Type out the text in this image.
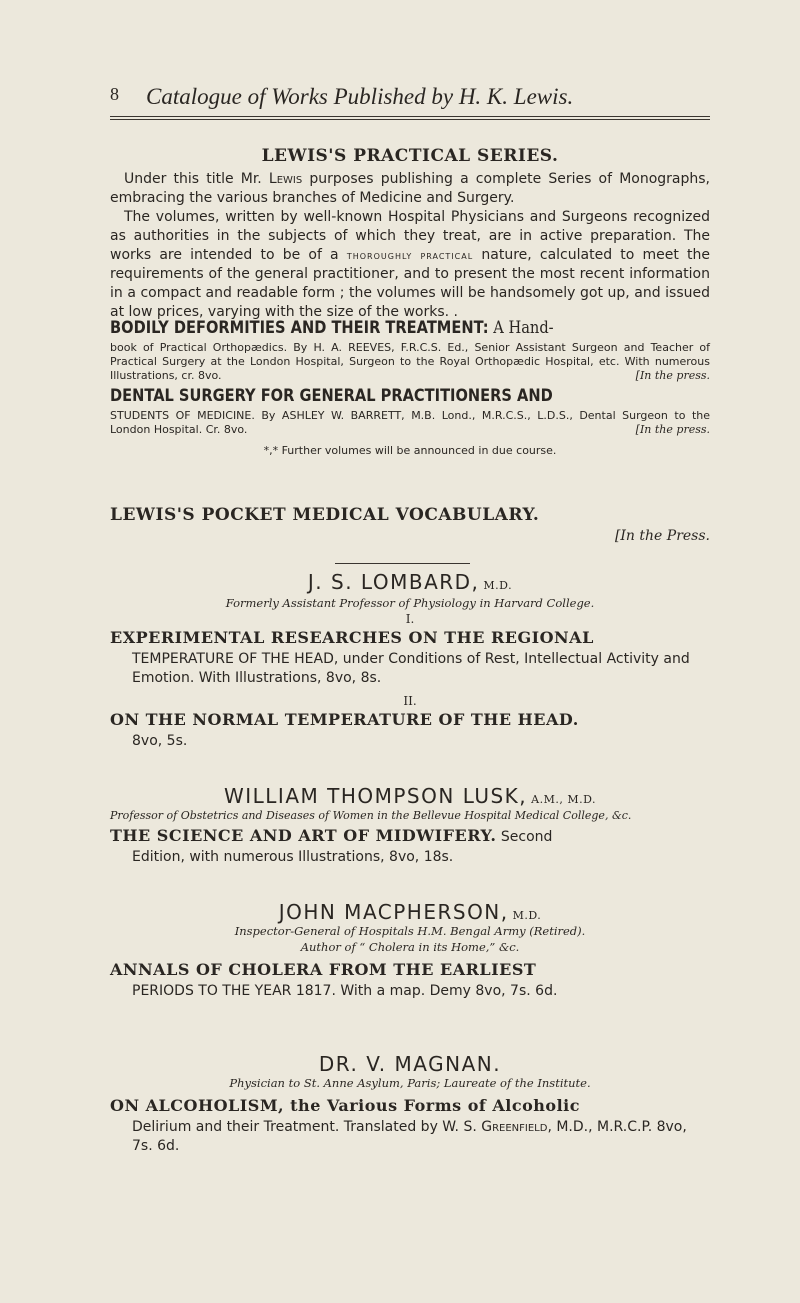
8 Catalogue of Works Published by H. K. Lewis.
LEWIS'S PRACTICAL SERIES.
Under this title Mr. Lewis purposes publishing a complete Series of Monographs, embracing the various branches of Medicine and Surgery.
The volumes, written by well-known Hospital Physicians and Surgeons recognized as authorities in the subjects of which they treat, are in active preparation. The works are intended to be of a thoroughly practical nature, calculated to meet the requirements of the general practitioner, and to present the most recent information in a compact and readable form ; the volumes will be handsomely got up, and issued at low prices, varying with the size of the works. .
BODILY DEFORMITIES AND THEIR TREATMENT: A Hand-
book of Practical Orthopædics. By H. A. REEVES, F.R.C.S. Ed., Senior Assistant Surgeon and Teacher of Practical Surgery at the London Hospital, Surgeon to the Royal Orthopædic Hospital, etc. With numerous Illustrations, cr. 8vo.	[In the press.
DENTAL SURGERY FOR GENERAL PRACTITIONERS AND
STUDENTS OF MEDICINE. By ASHLEY W. BARRETT, M.B. Lond., M.R.C.S., L.D.S., Dental Surgeon to the London Hospital. Cr. 8vo.	[In the press.
*,* Further volumes will be announced in due course.
LEWIS'S POCKET MEDICAL VOCABULARY.
[In the Press.
J. S. LOMBARD, M.D.
Formerly Assistant Professor of Physiology in Harvard College.
I.
EXPERIMENTAL RESEARCHES ON THE REGIONAL
TEMPERATURE OF THE HEAD, under Conditions of Rest, Intellectual Activity and Emotion. With Illustrations, 8vo, 8s.
II.
ON THE NORMAL TEMPERATURE OF THE HEAD.
8vo, 5s.
WILLIAM THOMPSON LUSK, A.M., M.D.
Professor of Obstetrics and Diseases of Women in the Bellevue Hospital Medical College, &c.
THE SCIENCE AND ART OF MIDWIFERY. Second
Edition, with numerous Illustrations, 8vo, 18s.
JOHN MACPHERSON, M.D.
Inspector-General of Hospitals H.M. Bengal Army (Retired).
Author of “ Cholera in its Home,” &c.
ANNALS OF CHOLERA FROM THE EARLIEST
PERIODS TO THE YEAR 1817. With a map. Demy 8vo, 7s. 6d.
DR. V. MAGNAN.
Physician to St. Anne Asylum, Paris; Laureate of the Institute.
ON ALCOHOLISM, the Various Forms of Alcoholic
Delirium and their Treatment. Translated by W. S. Greenfield, M.D., M.R.C.P. 8vo, 7s. 6d.
